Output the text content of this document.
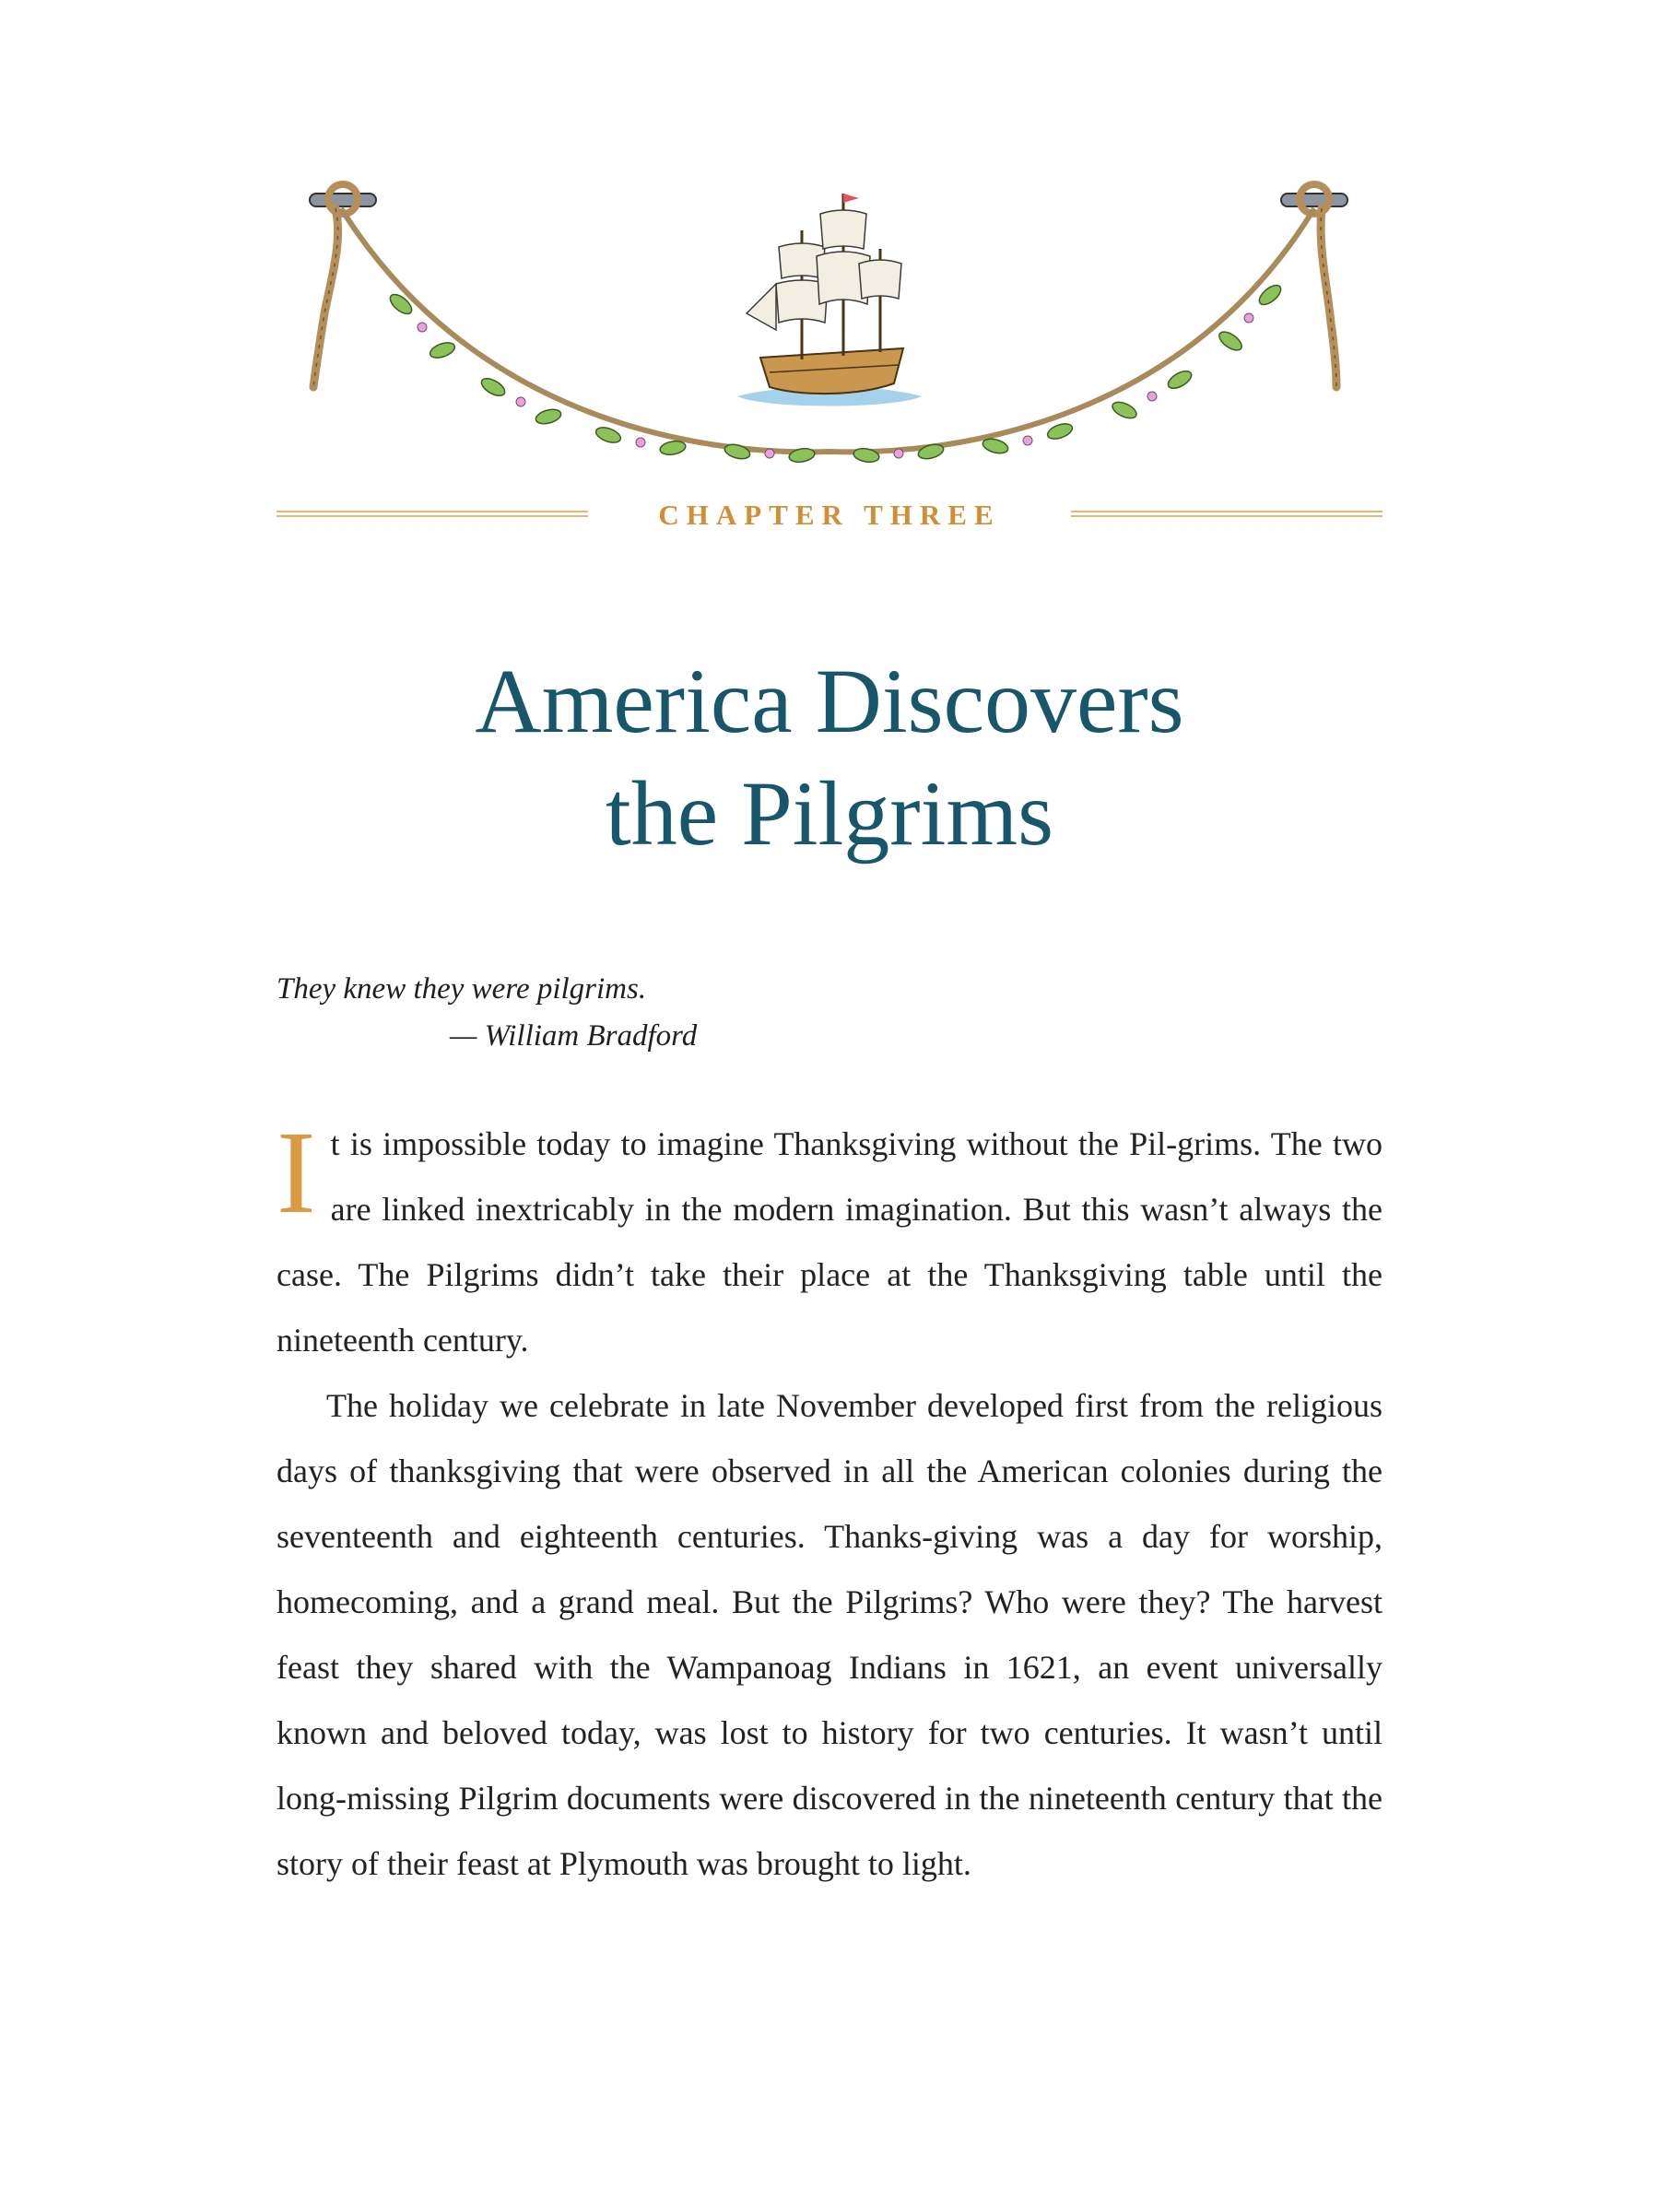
CHAPTER THREE
America Discovers
the Pilgrims
They knew they were pilgrims.
— William Bradford

It is impossible today to imagine Thanksgiving without the Pil-grims. The two are linked inextricably in the modern imagination. But this wasn’t always the case. The Pilgrims didn’t take their place at the Thanksgiving table until the nineteenth century.

The holiday we celebrate in late November developed first from the religious days of thanksgiving that were observed in all the American colonies during the seventeenth and eighteenth centuries. Thanks-giving was a day for worship, homecoming, and a grand meal. But the Pilgrims? Who were they? The harvest feast they shared with the Wampanoag Indians in 1621, an event universally known and beloved today, was lost to history for two centuries. It wasn’t until long-missing Pilgrim documents were discovered in the nineteenth century that the story of their feast at Plymouth was brought to light.
